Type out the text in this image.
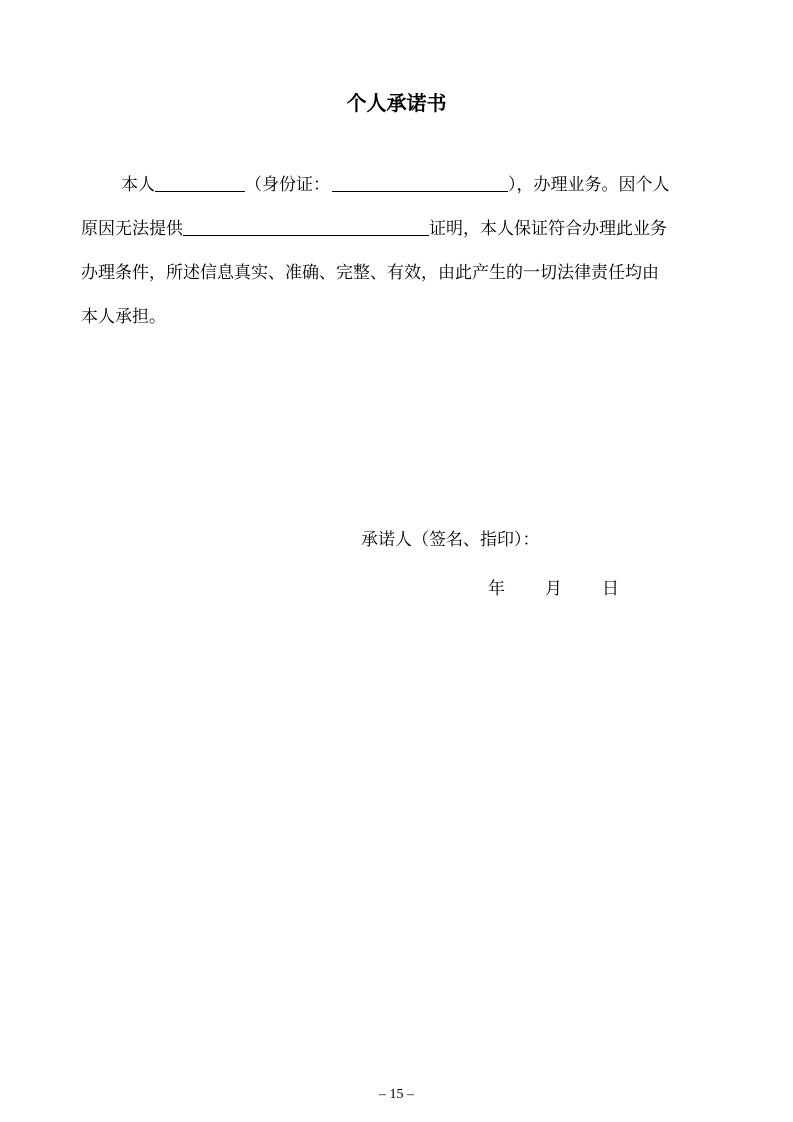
个人承诺书
本人	（身份证：	），办理业务。因个人
原因无法提供	证明，本人保证符合办理此业务
办理条件，所述信息真实、准确、完整、有效，由此产生的一切法律责任均由
本人承担。
承诺人（签名、指印）：
年 月 日
– 15 –
